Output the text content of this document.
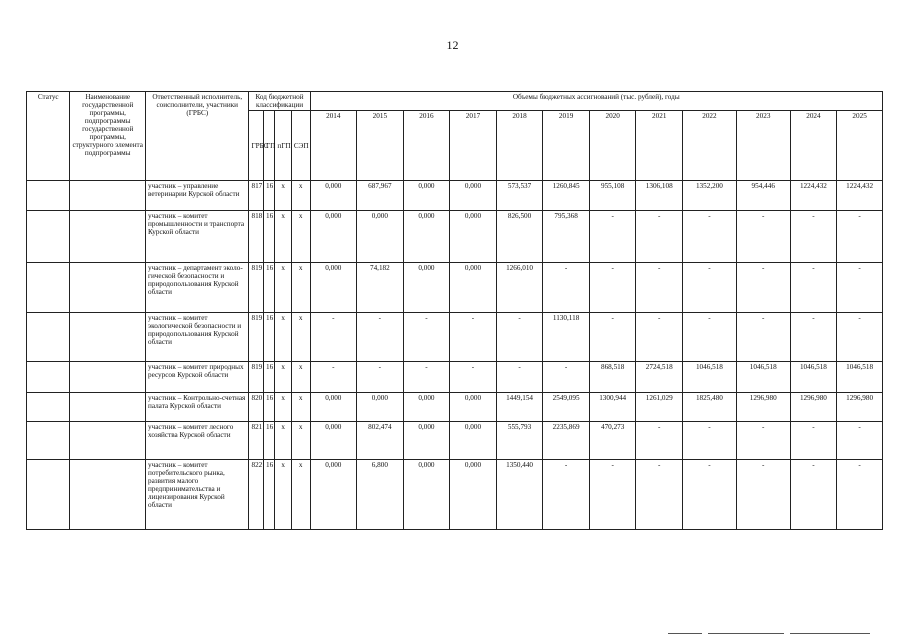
12
Статус	Наименование государственной программы, подпрограммы государственной программы, структурного элемента подпрограммы	Ответственный исполнитель, соисполнители, участники (ГРБС)	Код бюджетной классификации				Объемы бюджетных ассигнований (тыс. рублей), годы											
			ГРБС	ГП	пГП	СЭП	2014	2015	2016	2017	2018	2019	2020	2021	2022	2023	2024	2025
		участник – управление ветеринарии Курской области	817	16	х	х	0,000	687,967	0,000	0,000	573,537	1260,845	955,108	1306,108	1352,200	954,446	1224,432	1224,432
		участник – комитет промышленности и транспорта Курской области	818	16	х	х	0,000	0,000	0,000	0,000	826,500	795,368	-	-	-	-	-	-
		участник – департамент эколо-гической безопасности и природопользования Курской области	819	16	х	х	0,000	74,182	0,000	0,000	1266,010	-	-	-	-	-	-	-
		участник – комитет экологической безопасности и природопользования Курской области	819	16	х	х	-	-	-	-	-	1130,118	-	-	-	-	-	-
		участник – комитет природных ресурсов Курской области	819	16	х	х	-	-	-	-	-	-	868,518	2724,518	1046,518	1046,518	1046,518	1046,518
		участник – Контрольно-счетная палата Курской области	820	16	х	х	0,000	0,000	0,000	0,000	1449,154	2549,095	1300,944	1261,029	1825,480	1296,980	1296,980	1296,980
		участник – комитет лесного хозяйства Курской области	821	16	х	х	0,000	802,474	0,000	0,000	555,793	2235,869	470,273	-	-	-	-	-
		участник – комитет потребительского рынка, развития малого предпринимательства и лицензирования Курской области	822	16	х	х	0,000	6,800	0,000	0,000	1350,440	-	-	-	-	-	-	-
